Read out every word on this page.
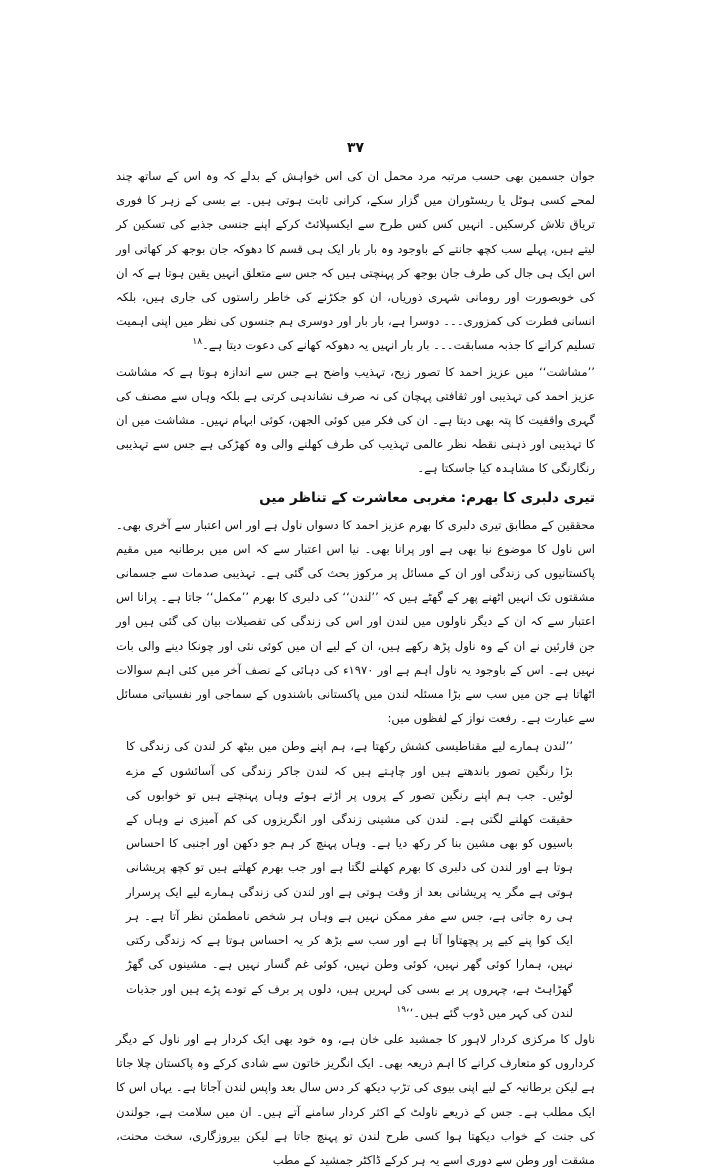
۳۷

جوان جسمین بھی حسب مرتبہ مرد محمل ان کی اس خواہش کے بدلے کہ وہ اس کے ساتھ چند لمحے کسی ہوٹل یا ریسٹوران میں گزار سکے، کرانی ثابت ہوتی ہیں۔ بے بسی کے زہر کا فوری تریاق تلاش کرسکیں۔ انہیں کس کس طرح سے ایکسپلائٹ کرکے اپنے جنسی جذبے کی تسکین کر لیتے ہیں، پہلے سب کچھ جانتے کے باوجود وہ بار بار ایک ہی قسم کا دھوکہ جان بوجھ کر کھاتی اور اس ایک ہی جال کی طرف جان بوجھ کر پہنچتی ہیں کہ جس سے متعلق انہیں یقین ہوتا ہے کہ ان کی خوبصورت اور رومانی شہری ذوریاں، ان کو جکڑنے کی خاطر راستوں کی جاری ہیں، بلکہ انسانی فطرت کی کمزوری۔۔۔ دوسرا ہے، بار بار اور دوسری ہم جنسوں کی نظر میں اپنی اہمیت تسلیم کرانے کا جذبہ مسابقت۔۔۔ بار بار انہیں یہ دھوکہ کھانے کی دعوت دیتا ہے۔$^{۱۸}$

’’مشاشت‘‘ میں عزیز احمد کا تصور زیح، تہذیب واضح ہے جس سے اندازہ ہوتا ہے کہ مشاشت عزیز احمد کی تہذیبی اور ثقافتی پہچان کی نہ صرف نشاندہی کرتی ہے بلکہ وہاں سے مصنف کی گہری واقفیت کا پتہ بھی دیتا ہے۔ ان کی فکر میں کوئی الجھن، کوئی ابہام نہیں۔ مشاشت میں ان کا تہذیبی اور ذہنی نقطہ نظر عالمی تہذیب کی طرف کھلنے والی وہ کھڑکی ہے جس سے تہذیبی رنگارنگی کا مشاہدہ کیا جاسکتا ہے۔

تیری دلبری کا بھرم: مغربی معاشرت کے تناظر میں

محققین کے مطابق تیری دلبری کا بھرم عزیز احمد کا دسواں ناول ہے اور اس اعتبار سے آخری بھی۔ اس ناول کا موضوع نیا بھی ہے اور پرانا بھی۔ نیا اس اعتبار سے کہ اس میں برطانیہ میں مقیم پاکستانیوں کی زندگی اور ان کے مسائل پر مرکوز بحث کی گئی ہے۔ تہذیبی صدمات سے جسمانی مشقتوں تک انہیں اٹھنے پھر کے گھٹے ہیں کہ ’’لندن‘‘ کی دلبری کا بھرم ’’مکمل‘‘ جاتا ہے۔ پرانا اس اعتبار سے کہ ان کے دیگر ناولوں میں لندن اور اس کی زندگی کی تفصیلات بیان کی گئی ہیں اور جن قارئین نے ان کے وہ ناول پڑھ رکھے ہیں، ان کے لیے ان میں کوئی نئی اور چونکا دینے والی بات نہیں ہے۔ اس کے باوجود یہ ناول اہم ہے اور ۱۹۷۰ء کی دہائی کے نصف آخر میں کئی اہم سوالات اٹھاتا ہے جن میں سب سے بڑا مسئلہ لندن میں پاکستانی باشندوں کے سماجی اور نفسیاتی مسائل سے عبارت ہے۔ رفعت نواز کے لفظوں میں:

’’لندن ہمارے لیے مقناطیسی کشش رکھتا ہے، ہم اپنے وطن میں بیٹھ کر لندن کی زندگی کا بڑا رنگین تصور باندھتے ہیں اور چاہتے ہیں کہ لندن جاکر زندگی کی آسائشوں کے مزے لوٹیں۔ جب ہم اپنے رنگین تصور کے پروں پر اڑتے ہوئے وہاں پہنچتے ہیں تو خوابوں کی حقیقت کھلنے لگتی ہے۔ لندن کی مشینی زندگی اور انگریزوں کی کم آمیزی نے وہاں کے باسیوں کو بھی مشین بنا کر رکھ دیا ہے۔ وہاں پہنچ کر ہم جو دکھن اور اجنبی کا احساس ہوتا ہے اور لندن کی دلبری کا بھرم کھلنے لگتا ہے اور جب بھرم کھلتے ہیں تو کچھ پریشانی ہوتی ہے مگر یہ پریشانی بعد از وقت ہوتی ہے اور لندن کی زندگی ہمارے لیے ایک پرسرار ہی رہ جاتی ہے، جس سے مفر ممکن نہیں ہے وہاں ہر شخص نامطمئن نظر آتا ہے۔ ہر ایک کوا پنے کیے پر پچھتاوا آتا ہے اور سب سے بڑھ کر یہ احساس ہوتا ہے کہ زندگی رکتی نہیں، ہمارا کوئی گھر نہیں، کوئی وطن نہیں، کوئی غم گسار نہیں ہے۔ مشینوں کی گھڑ گھڑاہٹ ہے، چہروں پر بے بسی کی لہریں ہیں، دلوں پر برف کے تودے پڑے ہیں اور جذبات لندن کی کہر میں ڈوب گئے ہیں۔‘‘$^{۱۹}$

ناول کا مرکزی کردار لاہور کا جمشید علی خان ہے، وہ خود بھی ایک کردار ہے اور ناول کے دیگر کرداروں کو متعارف کرانے کا اہم ذریعہ بھی۔ ایک انگریز خاتون سے شادی کرکے وہ پاکستان چلا جاتا ہے لیکن برطانیہ کے لیے اپنی بیوی کی تڑپ دیکھ کر دس سال بعد واپس لندن آجاتا ہے۔ یہاں اس کا ایک مطلب ہے۔ جس کے ذریعے ناولٹ کے اکثر کردار سامنے آتے ہیں۔ ان میں سلامت ہے، جولندن کی جنت کے خواب دیکھتا ہوا کسی طرح لندن تو پہنچ جاتا ہے لیکن بیروزگاری، سخت محنت، مشقت اور وطن سے دوری اسے یہ ہر کرکے ڈاکٹر جمشید کے مطب
